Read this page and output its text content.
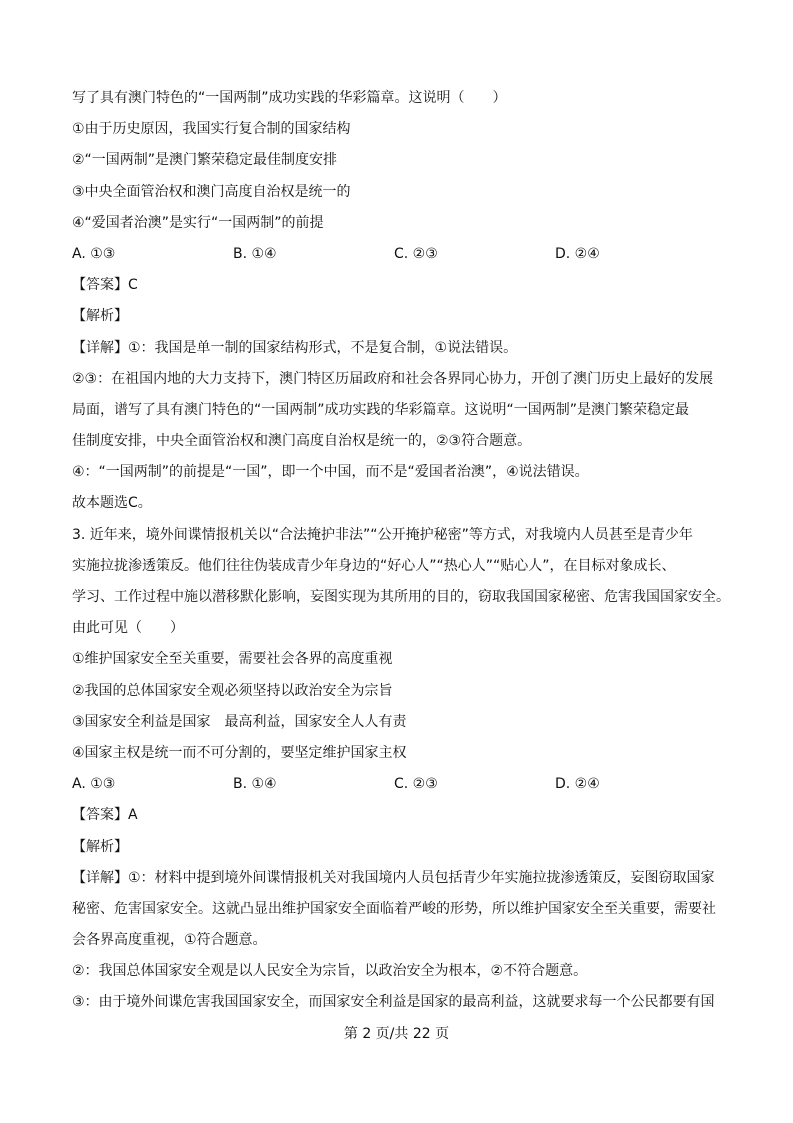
写了具有澳门特色的“一国两制”成功实践的华彩篇章。这说明（　　）
①由于历史原因，我国实行复合制的国家结构
②“一国两制”是澳门繁荣稳定最佳制度安排
③中央全面管治权和澳门高度自治权是统一的
④“爱国者治澳”是实行“一国两制”的前提
A. ①③	B. ①④	C. ②③	D. ②④
【答案】C
【解析】
【详解】①：我国是单一制的国家结构形式，不是复合制，①说法错误。
②③：在祖国内地的大力支持下，澳门特区历届政府和社会各界同心协力，开创了澳门历史上最好的发展
局面，谱写了具有澳门特色的“一国两制”成功实践的华彩篇章。这说明“一国两制”是澳门繁荣稳定最
佳制度安排，中央全面管治权和澳门高度自治权是统一的，②③符合题意。
④：“一国两制”的前提是“一国”，即一个中国，而不是“爱国者治澳”，④说法错误。
故本题选C。
3. 近年来，境外间谍情报机关以“合法掩护非法”“公开掩护秘密”等方式，对我境内人员甚至是青少年
实施拉拢渗透策反。他们往往伪装成青少年身边的“好心人”“热心人”“贴心人”，在目标对象成长、
学习、工作过程中施以潜移默化影响，妄图实现为其所用的目的，窃取我国国家秘密、危害我国国家安全。
由此可见（　　）
①维护国家安全至关重要，需要社会各界的高度重视
②我国的总体国家安全观必须坚持以政治安全为宗旨
③国家安全利益是国家　最高利益，国家安全人人有责
④国家主权是统一而不可分割的，要坚定维护国家主权
A. ①③	B. ①④	C. ②③	D. ②④
【答案】A
【解析】
【详解】①：材料中提到境外间谍情报机关对我国境内人员包括青少年实施拉拢渗透策反，妄图窃取国家
秘密、危害国家安全。这就凸显出维护国家安全面临着严峻的形势，所以维护国家安全至关重要，需要社
会各界高度重视，①符合题意。
②：我国总体国家安全观是以人民安全为宗旨，以政治安全为根本，②不符合题意。
③：由于境外间谍危害我国国家安全，而国家安全利益是国家的最高利益，这就要求每一个公民都要有国
第 2 页/共 22 页
